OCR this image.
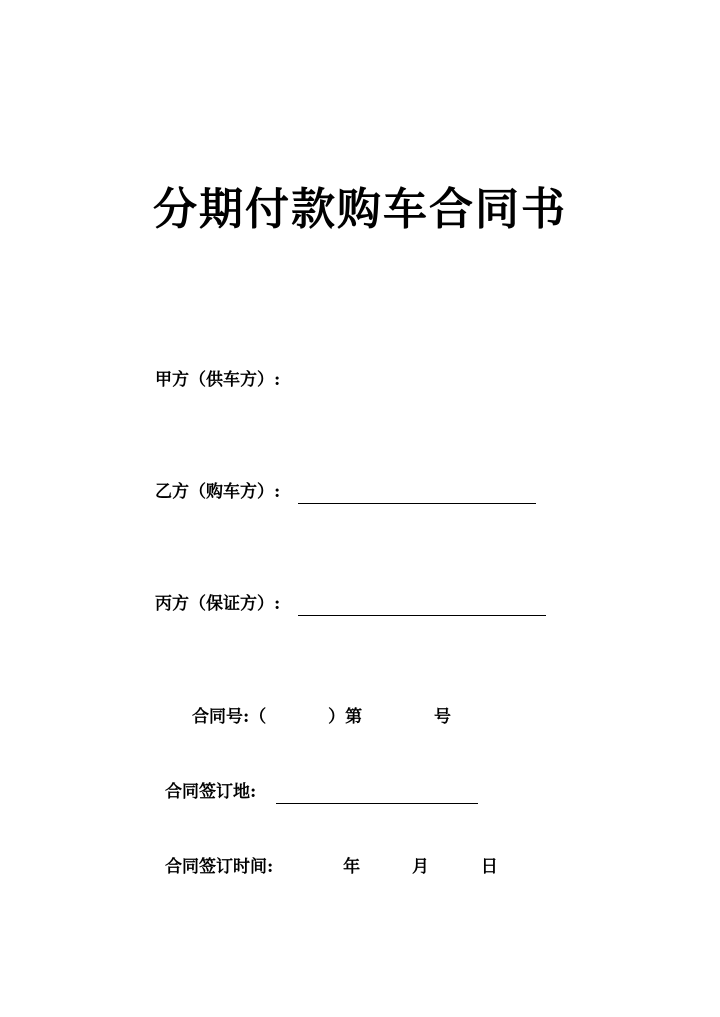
分期付款购车合同书
甲方（供车方）:
乙方（购车方）:
丙方（保证方）:
合同号:（	）第	号
合同签订地:
合同签订时间:	年	月	日
